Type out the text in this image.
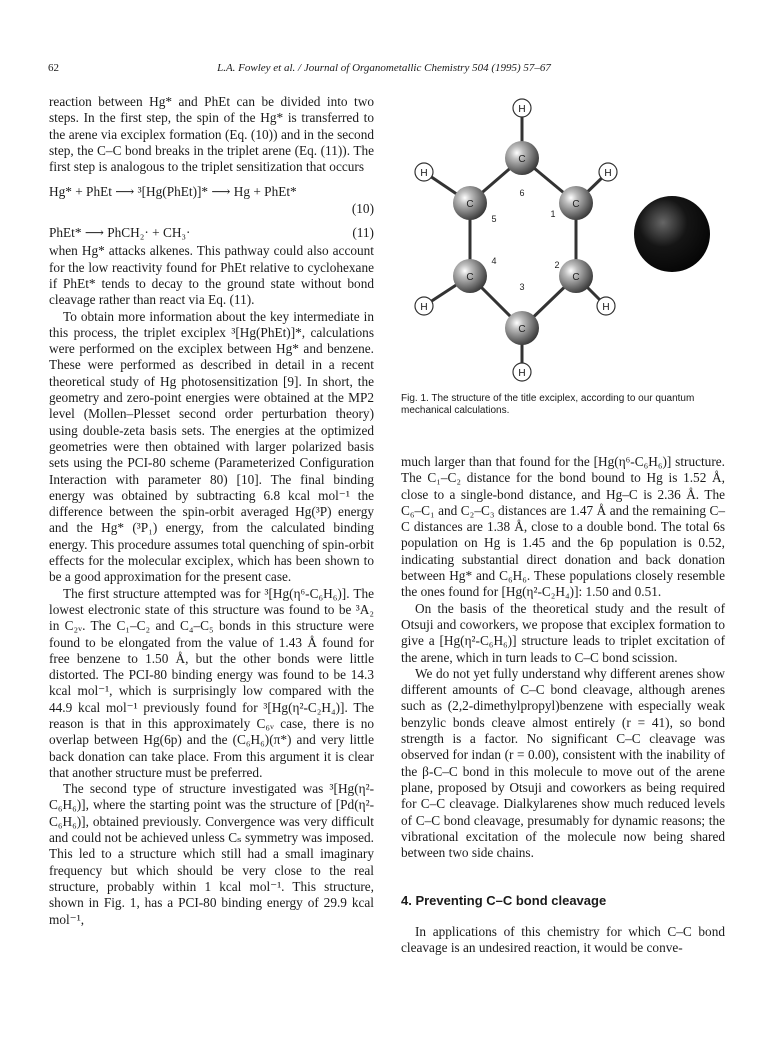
62	L.A. Fowley et al. / Journal of Organometallic Chemistry 504 (1995) 57–67

reaction between Hg* and PhEt can be divided into two steps. In the first step, the spin of the Hg* is transferred to the arene via exciplex formation (Eq. (10)) and in the second step, the C–C bond breaks in the triplet arene (Eq. (11)). The first step is analogous to the triplet sensitization that occurs

Hg* + PhEt ⟶ ³[Hg(PhEt)]* ⟶ Hg + PhEt*
(10)
PhEt* ⟶ PhCH₂· + CH₃·	(11)

when Hg* attacks alkenes. This pathway could also account for the low reactivity found for PhEt relative to cyclohexane if PhEt* tends to decay to the ground state without bond cleavage rather than react via Eq. (11).

To obtain more information about the key intermediate in this process, the triplet exciplex ³[Hg(PhEt)]*, calculations were performed on the exciplex between Hg* and benzene. These were performed as described in detail in a recent theoretical study of Hg photosensitization [9]. In short, the geometry and zero-point energies were obtained at the MP2 level (Mollen–Plesset second order perturbation theory) using double-zeta basis sets. The energies at the optimized geometries were then obtained with larger polarized basis sets using the PCI-80 scheme (Parameterized Configuration Interaction with parameter 80) [10]. The final binding energy was obtained by subtracting 6.8 kcal mol⁻¹ the difference between the spin-orbit averaged Hg(³P) energy and the Hg* (³P₁) energy, from the calculated binding energy. This procedure assumes total quenching of spin-orbit effects for the molecular exciplex, which has been shown to be a good approximation for the present case.

The first structure attempted was for ³[Hg(η⁶-C₆H₆)]. The lowest electronic state of this structure was found to be ³A₂ in C₂ᵥ. The C₁–C₂ and C₄–C₅ bonds in this structure were found to be elongated from the value of 1.43 Å found for free benzene to 1.50 Å, but the other bonds were little distorted. The PCI-80 binding energy was found to be 14.3 kcal mol⁻¹, which is surprisingly low compared with the 44.9 kcal mol⁻¹ previously found for ³[Hg(η²-C₂H₄)]. The reason is that in this approximately C₆ᵥ case, there is no overlap between Hg(6p) and the (C₆H₆)(π*) and very little back donation can take place. From this argument it is clear that another structure must be preferred.

The second type of structure investigated was ³[Hg(η²-C₆H₆)], where the starting point was the structure of [Pd(η²-C₆H₆)], obtained previously. Convergence was very difficult and could not be achieved unless Cₛ symmetry was imposed. This led to a structure which still had a small imaginary frequency but which should be very close to the real structure, probably within 1 kcal mol⁻¹. This structure, shown in Fig. 1, has a PCI-80 binding energy of 29.9 kcal mol⁻¹,

C
C	C
C	C
C
H
H	H
H	H
H
1
2
3
4
5
6
Fig. 1. The structure of the title exciplex, according to our quantum mechanical calculations.

much larger than that found for the [Hg(η⁶-C₆H₆)] structure. The C₁–C₂ distance for the bond bound to Hg is 1.52 Å, close to a single-bond distance, and Hg–C is 2.36 Å. The C₆–C₁ and C₂–C₃ distances are 1.47 Å and the remaining C–C distances are 1.38 Å, close to a double bond. The total 6s population on Hg is 1.45 and the 6p population is 0.52, indicating substantial direct donation and back donation between Hg* and C₆H₆. These populations closely resemble the ones found for [Hg(η²-C₂H₄)]: 1.50 and 0.51.

On the basis of the theoretical study and the result of Otsuji and coworkers, we propose that exciplex formation to give a [Hg(η²-C₆H₆)] structure leads to triplet excitation of the arene, which in turn leads to C–C bond scission.

We do not yet fully understand why different arenes show different amounts of C–C bond cleavage, although arenes such as (2,2-dimethylpropyl)benzene with especially weak benzylic bonds cleave almost entirely (r = 41), so bond strength is a factor. No significant C–C cleavage was observed for indan (r = 0.00), consistent with the inability of the β-C–C bond in this molecule to move out of the arene plane, proposed by Otsuji and coworkers as being required for C–C cleavage. Dialkylarenes show much reduced levels of C–C bond cleavage, presumably for dynamic reasons; the vibrational excitation of the molecule now being shared between two side chains.

4. Preventing C–C bond cleavage

In applications of this chemistry for which C–C bond cleavage is an undesired reaction, it would be conve-
